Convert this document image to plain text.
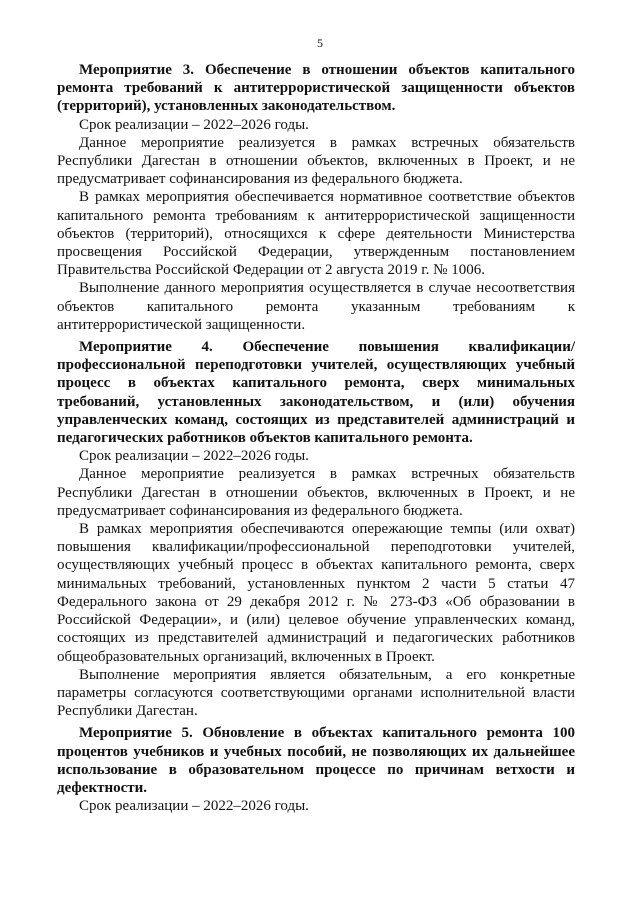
5

Мероприятие 3. Обеспечение в отношении объектов капитального ремонта требований к антитеррористической защищенности объектов (территорий), установленных законодательством.

Срок реализации – 2022–2026 годы.

Данное мероприятие реализуется в рамках встречных обязательств Республики Дагестан в отношении объектов, включенных в Проект, и не предусматривает софинансирования из федерального бюджета.

В рамках мероприятия обеспечивается нормативное соответствие объектов капитального ремонта требованиям к антитеррористической защищенности объектов (территорий), относящихся к сфере деятельности Министерства просвещения Российской Федерации, утвержденным постановлением Правительства Российской Федерации от 2 августа 2019 г. № 1006.

Выполнение данного мероприятия осуществляется в случае несоответствия объектов капитального ремонта указанным требованиям к антитеррористической защищенности.

Мероприятие 4. Обеспечение повышения квалификации/профессиональной переподготовки учителей, осуществляющих учебный процесс в объектах капитального ремонта, сверх минимальных требований, установленных законодательством, и (или) обучения управленческих команд, состоящих из представителей администраций и педагогических работников объектов капитального ремонта.

Срок реализации – 2022–2026 годы.

Данное мероприятие реализуется в рамках встречных обязательств Республики Дагестан в отношении объектов, включенных в Проект, и не предусматривает софинансирования из федерального бюджета.

В рамках мероприятия обеспечиваются опережающие темпы (или охват) повышения квалификации/профессиональной переподготовки учителей, осуществляющих учебный процесс в объектах капитального ремонта, сверх минимальных требований, установленных пунктом 2 части 5 статьи 47 Федерального закона от 29 декабря 2012 г. № 273-ФЗ «Об образовании в Российской Федерации», и (или) целевое обучение управленческих команд, состоящих из представителей администраций и педагогических работников общеобразовательных организаций, включенных в Проект.

Выполнение мероприятия является обязательным, а его конкретные параметры согласуются соответствующими органами исполнительной власти Республики Дагестан.

Мероприятие 5. Обновление в объектах капитального ремонта 100 процентов учебников и учебных пособий, не позволяющих их дальнейшее использование в образовательном процессе по причинам ветхости и дефектности.

Срок реализации – 2022–2026 годы.
